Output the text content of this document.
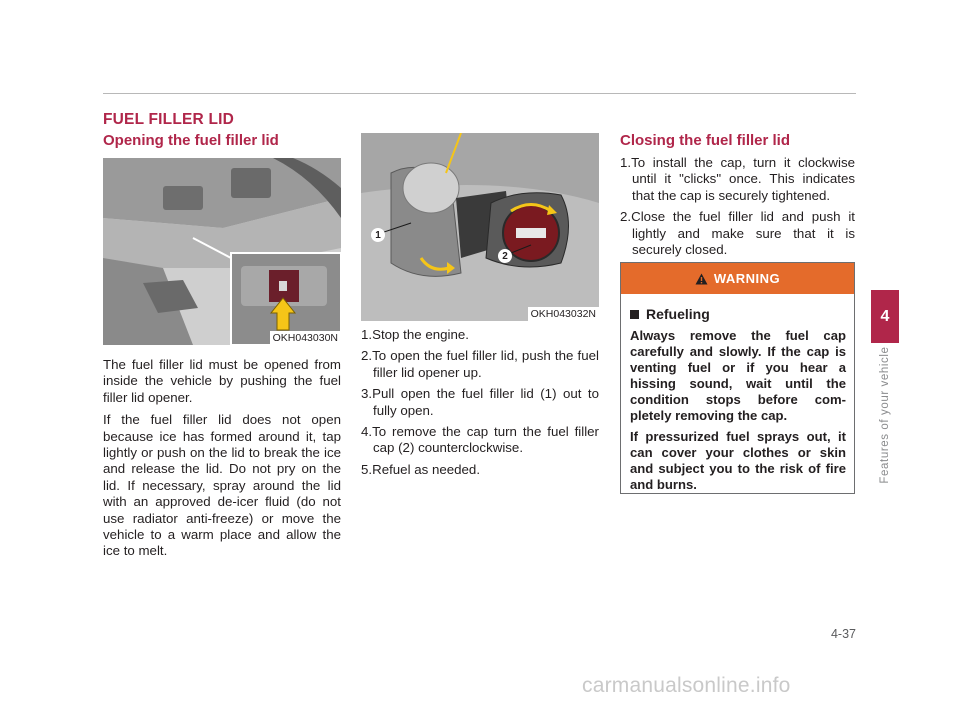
FUEL FILLER LID
Opening the fuel filler lid
OKH043030N

The fuel filler lid must be opened from inside the vehicle by pushing the fuel filler lid opener.

If the fuel filler lid does not open because ice has formed around it, tap lightly or push on the lid to break the ice and release the lid. Do not pry on the lid. If necessary, spray around the lid with an approved de-icer fluid (do not use radiator anti-freeze) or move the vehicle to a warm place and allow the ice to melt.

1
2
OKH043032N
1.Stop the engine.
2.To open the fuel filler lid, push the fuel filler lid opener up.
3.Pull open the fuel filler lid (1) out to fully open.
4.To remove the cap turn the fuel filler cap (2) counterclockwise.
5.Refuel as needed.
Closing the fuel filler lid
1.To install the cap, turn it clockwise until it "clicks" once. This indicates that the cap is securely tightened.
2.Close the fuel filler lid and push it lightly and make sure that it is securely closed.
WARNING
Refueling

Always remove the fuel cap carefully and slowly. If the cap is venting fuel or if you hear a hissing sound, wait until the condition stops before com- pletely removing the cap.

If pressurized fuel sprays out, it can cover your clothes or skin and subject you to the risk of fire and burns.

4
Features of your vehicle
4-37
carmanualsonline.info
